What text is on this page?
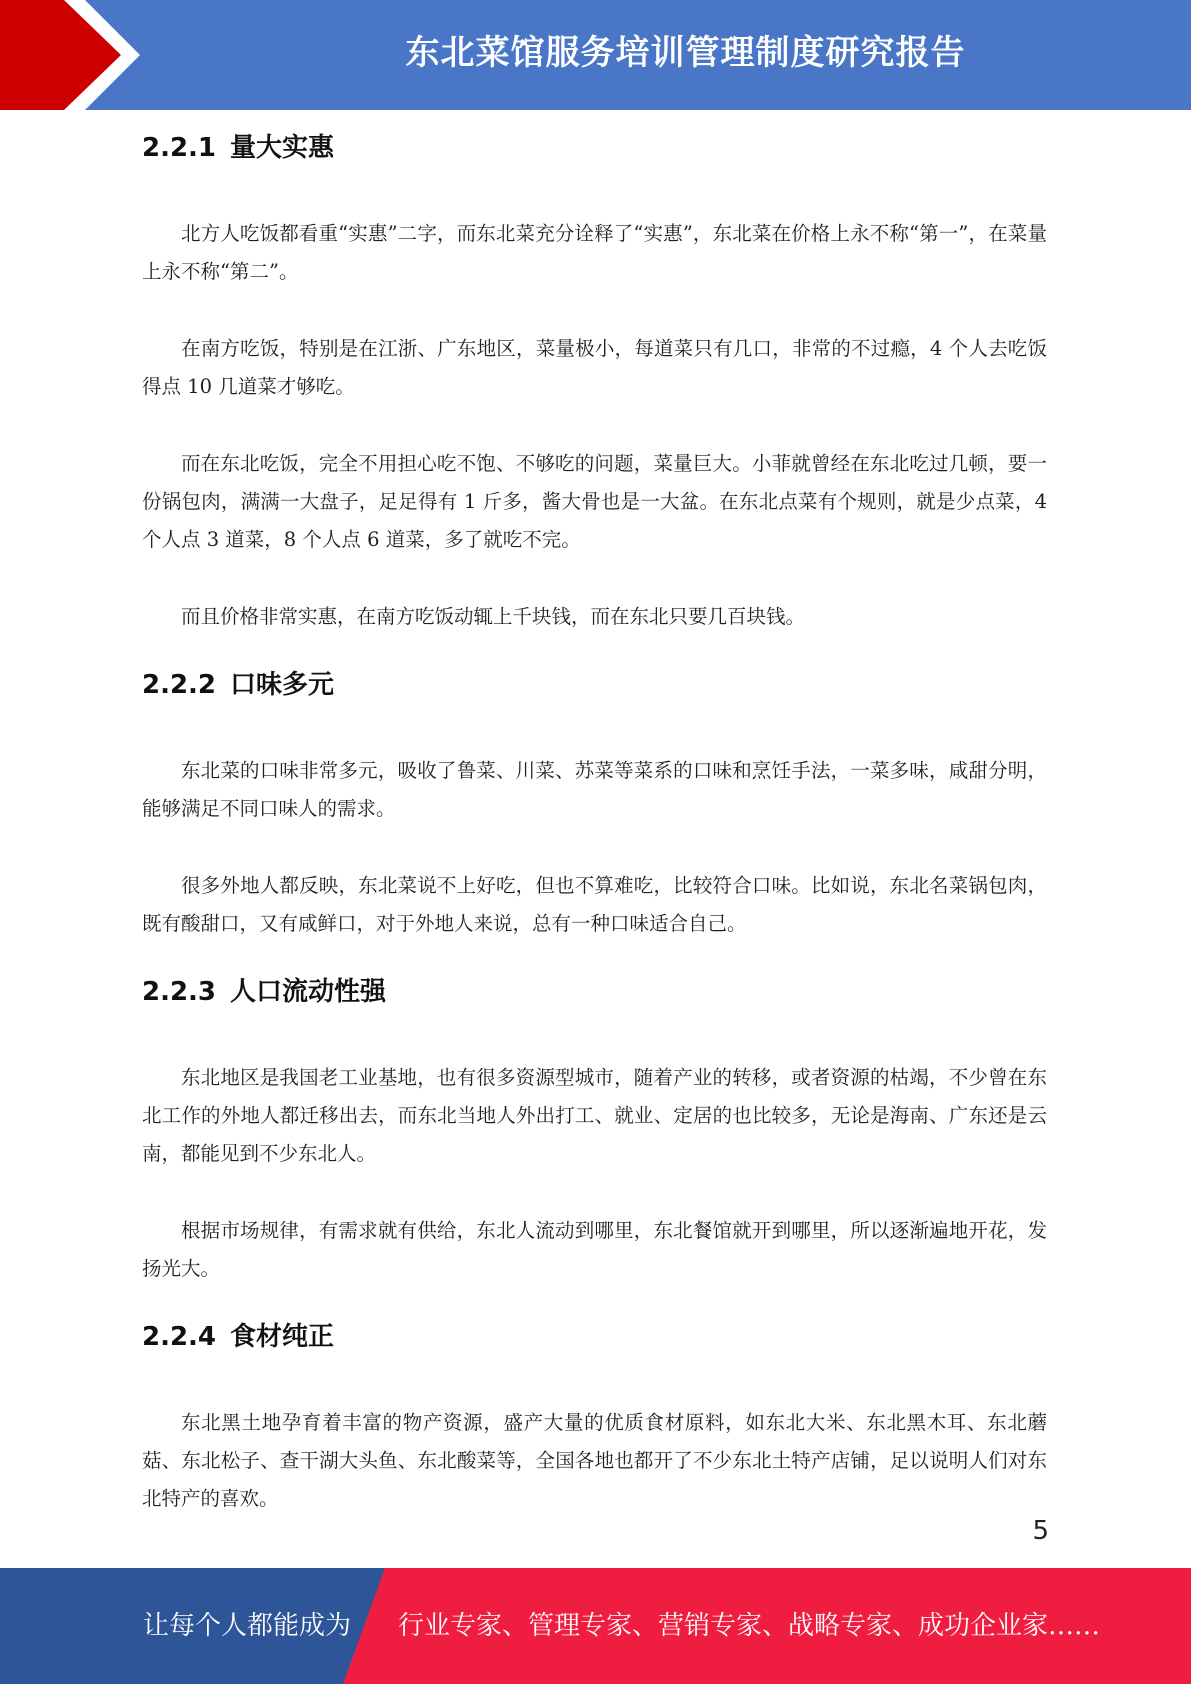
东北菜馆服务培训管理制度研究报告
2.2.1 量大实惠

北方人吃饭都看重“实惠”二字，而东北菜充分诠释了“实惠”，东北菜在价格上永不称“第一”，在菜量上永不称“第二”。

在南方吃饭，特别是在江浙、广东地区，菜量极小，每道菜只有几口，非常的不过瘾，4 个人去吃饭得点 10 几道菜才够吃。

而在东北吃饭，完全不用担心吃不饱、不够吃的问题，菜量巨大。小菲就曾经在东北吃过几顿，要一份锅包肉，满满一大盘子，足足得有 1 斤多，酱大骨也是一大盆。在东北点菜有个规则，就是少点菜，4 个人点 3 道菜，8 个人点 6 道菜，多了就吃不完。

而且价格非常实惠，在南方吃饭动辄上千块钱，而在东北只要几百块钱。

2.2.2 口味多元

东北菜的口味非常多元，吸收了鲁菜、川菜、苏菜等菜系的口味和烹饪手法，一菜多味，咸甜分明，能够满足不同口味人的需求。

很多外地人都反映，东北菜说不上好吃，但也不算难吃，比较符合口味。比如说，东北名菜锅包肉，既有酸甜口，又有咸鲜口，对于外地人来说，总有一种口味适合自己。

2.2.3 人口流动性强

东北地区是我国老工业基地，也有很多资源型城市，随着产业的转移，或者资源的枯竭，不少曾在东北工作的外地人都迁移出去，而东北当地人外出打工、就业、定居的也比较多，无论是海南、广东还是云南，都能见到不少东北人。

根据市场规律，有需求就有供给，东北人流动到哪里，东北餐馆就开到哪里，所以逐渐遍地开花，发扬光大。

2.2.4 食材纯正

东北黑土地孕育着丰富的物产资源，盛产大量的优质食材原料，如东北大米、东北黑木耳、东北蘑菇、东北松子、查干湖大头鱼、东北酸菜等，全国各地也都开了不少东北土特产店铺，足以说明人们对东北特产的喜欢。

5
让每个人都能成为 行业专家、管理专家、营销专家、战略专家、成功企业家……
